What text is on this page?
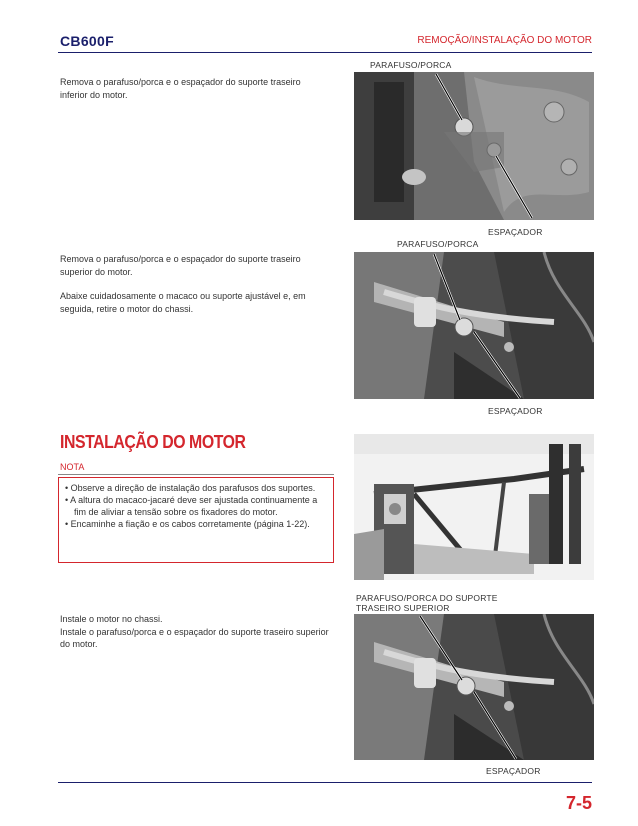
CB600F	REMOÇÃO/INSTALAÇÃO DO MOTOR

Remova o parafuso/porca e o espaçador do suporte traseiro inferior do motor.

PARAFUSO/PORCA
ESPAÇADOR

Remova o parafuso/porca e o espaçador do suporte traseiro superior do motor.

Abaixe cuidadosamente o macaco ou suporte ajustável e, em seguida, retire o motor do chassi.

PARAFUSO/PORCA
ESPAÇADOR
INSTALAÇÃO DO MOTOR
NOTA
• Observe a direção de instalação dos parafusos dos suportes.
• A altura do macaco-jacaré deve ser ajustada continuamente a fim de aliviar a tensão sobre os fixadores do motor.
• Encaminhe a fiação e os cabos corretamente (página 1-22).

Instale o motor no chassi.

Instale o parafuso/porca e o espaçador do suporte traseiro superior do motor.

PARAFUSO/PORCA DO SUPORTE
TRASEIRO SUPERIOR
ESPAÇADOR
7-5
